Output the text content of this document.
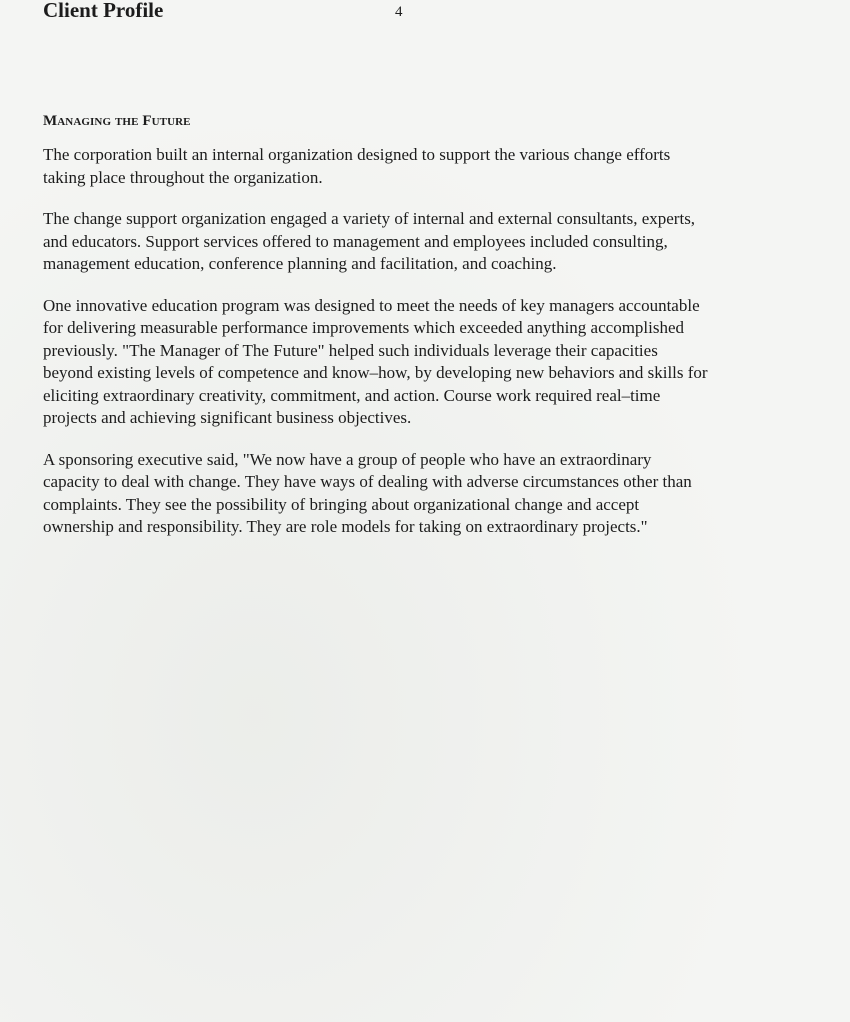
Client Profile	4
Managing the Future

The corporation built an internal organization designed to support the various change efforts
taking place throughout the organization.

The change support organization engaged a variety of internal and external consultants, experts,
and educators. Support services offered to management and employees included consulting,
management education, conference planning and facilitation, and coaching.

One innovative education program was designed to meet the needs of key managers accountable
for delivering measurable performance improvements which exceeded anything accomplished
previously. "The Manager of The Future" helped such individuals leverage their capacities
beyond existing levels of competence and know–how, by developing new behaviors and skills for
eliciting extraordinary creativity, commitment, and action. Course work required real–time
projects and achieving significant business objectives.

A sponsoring executive said, "We now have a group of people who have an extraordinary
capacity to deal with change. They have ways of dealing with adverse circumstances other than
complaints. They see the possibility of bringing about organizational change and accept
ownership and responsibility. They are role models for taking on extraordinary projects."
